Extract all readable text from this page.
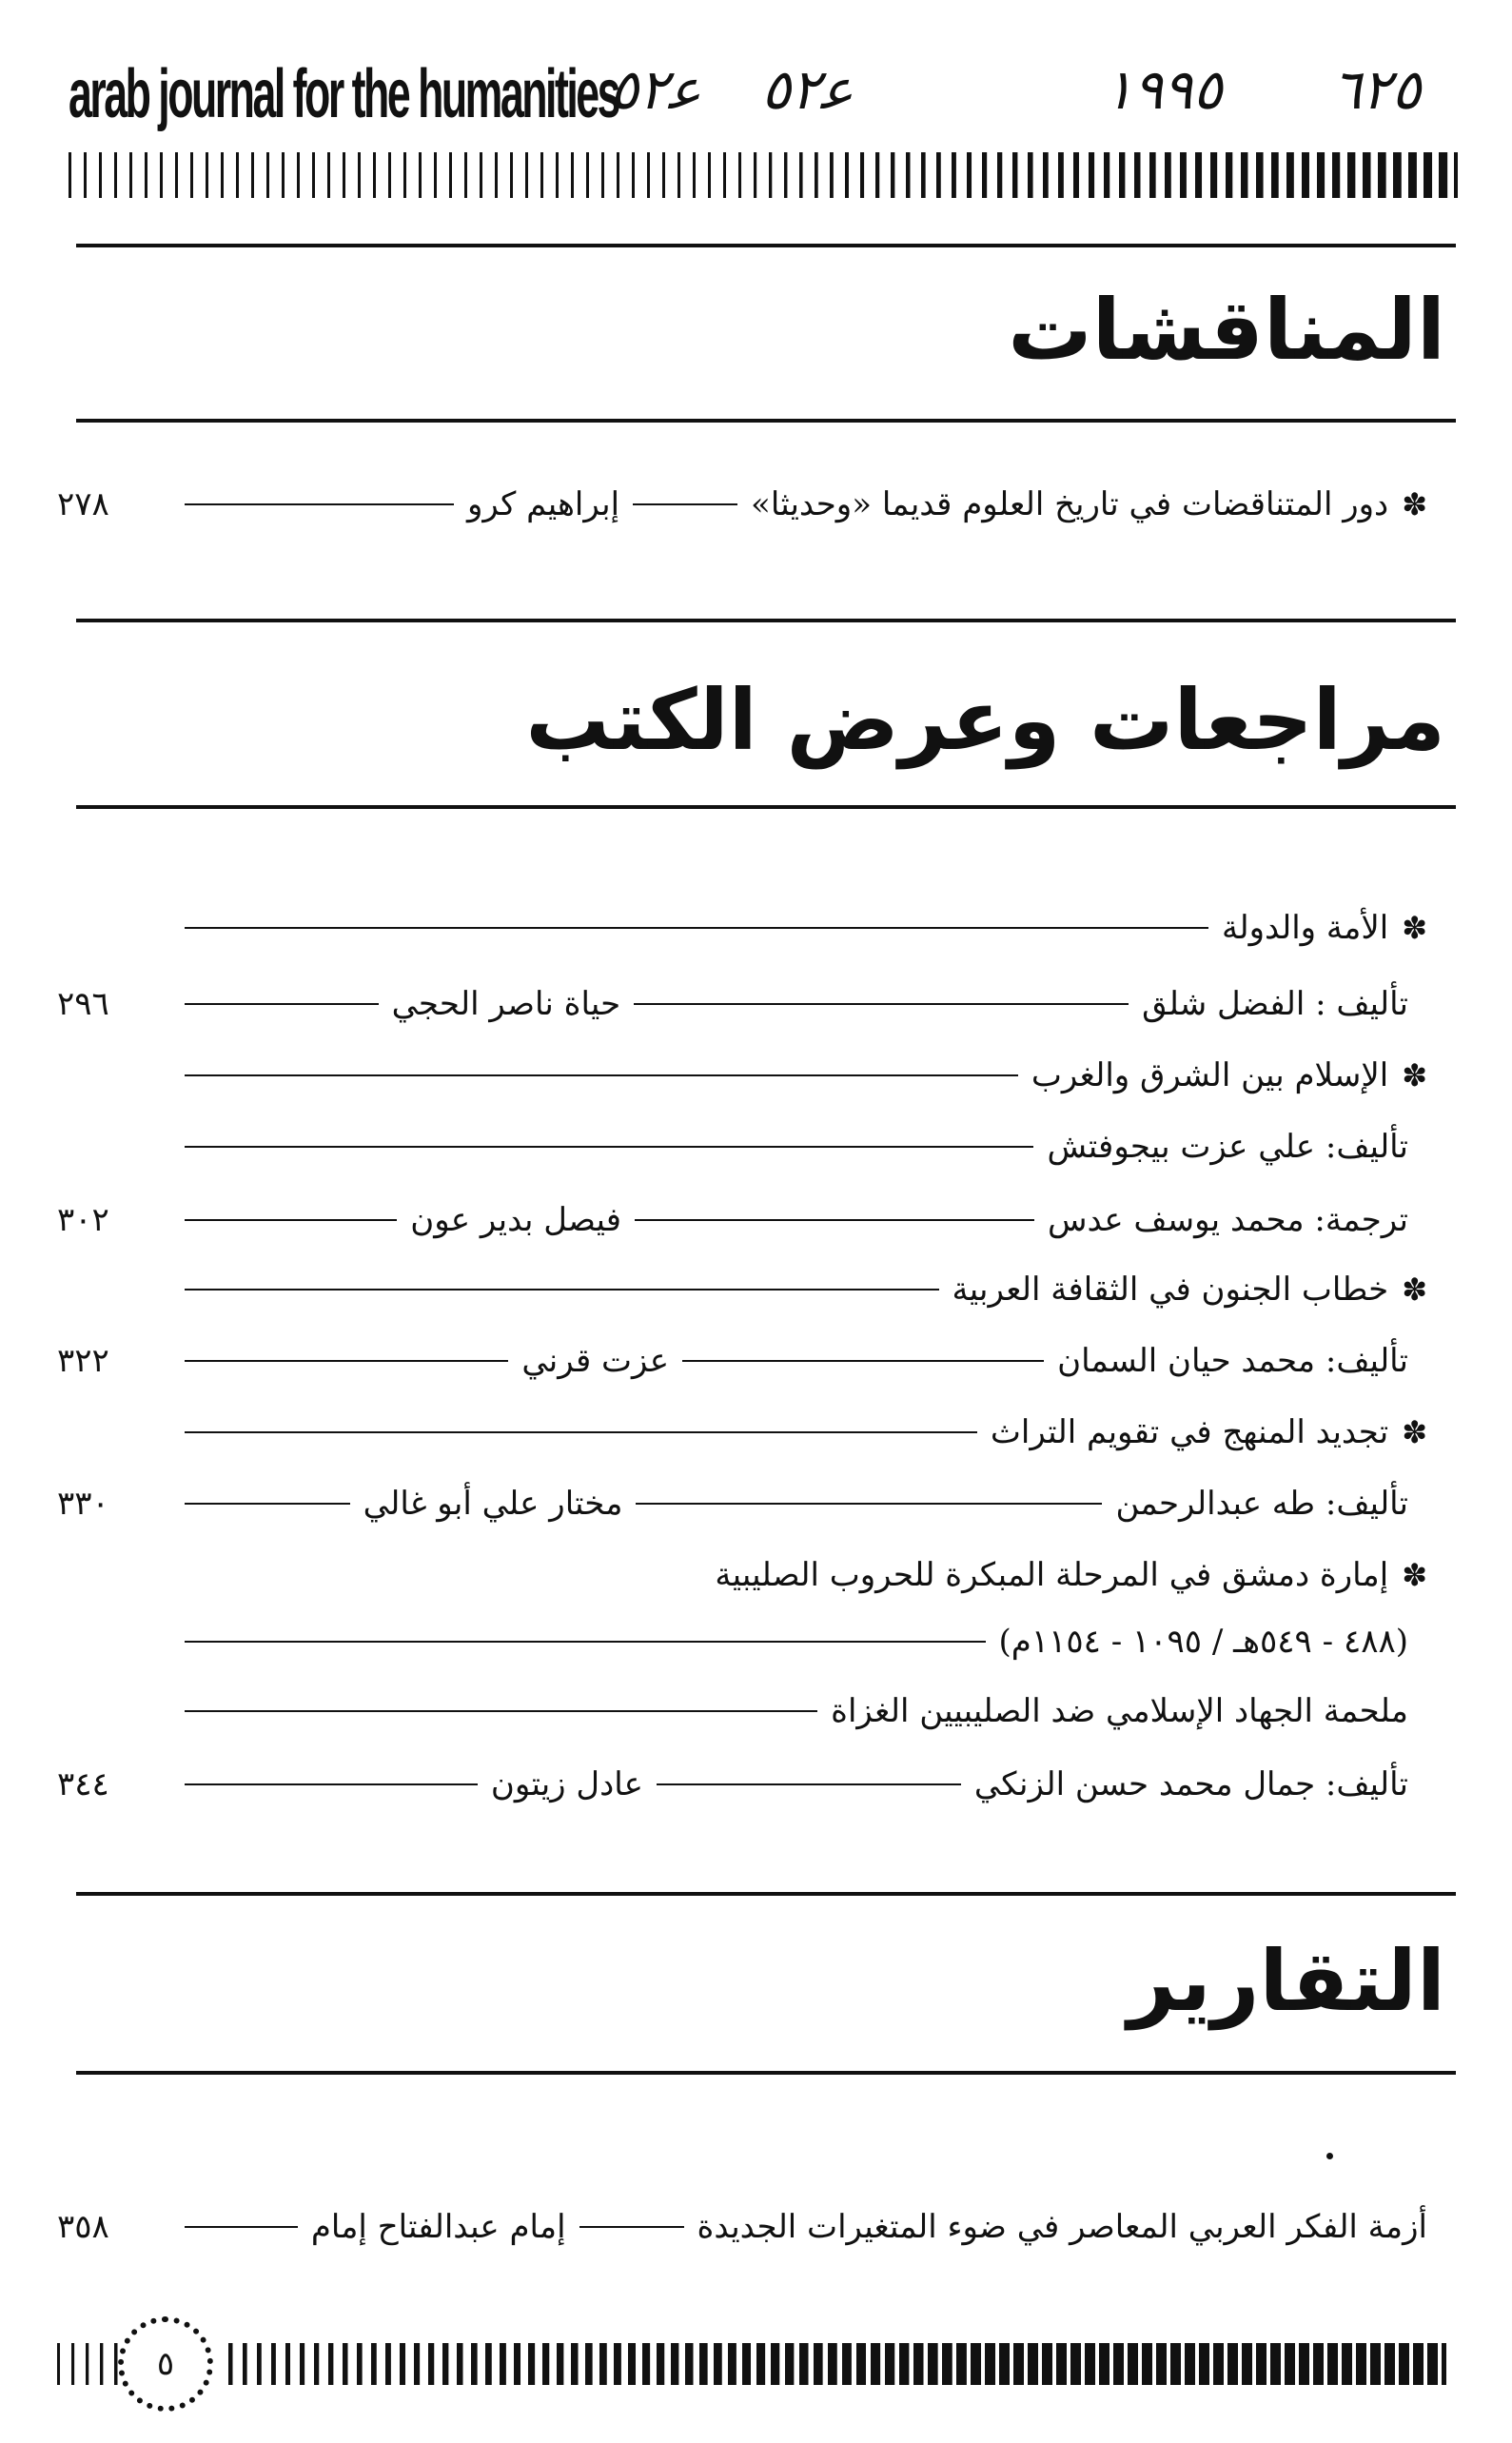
arab journal for the humanities
ﻋ٥٢ ﻋ٥٢	١٩٩٥ ٦٢٥
المناقشات
✽
دور المتناقضات في تاريخ العلوم قديما «وحديثا»
إبراهيم كرو
٢٧٨
مراجعات وعرض الكتب
✽
الأمة والدولة
تأليف : الفضل شلق
حياة ناصر الحجي
٢٩٦
✽
الإسلام بين الشرق والغرب
تأليف: علي عزت بيجوفتش
ترجمة: محمد يوسف عدس
فيصل بدير عون
٣٠٢
✽
خطاب الجنون في الثقافة العربية
تأليف: محمد حيان السمان
عزت قرني
٣٢٢
✽
تجديد المنهج في تقويم التراث
تأليف: طه عبدالرحمن
مختار علي أبو غالي
٣٣٠
✽
إمارة دمشق في المرحلة المبكرة للحروب الصليبية
(٤٨٨ - ٥٤٩هـ / ١٠٩٥ - ١١٥٤م)
ملحمة الجهاد الإسلامي ضد الصليبيين الغزاة
تأليف: جمال محمد حسن الزنكي
عادل زيتون
٣٤٤
التقارير
أزمة الفكر العربي المعاصر في ضوء المتغيرات الجديدة
إمام عبدالفتاح إمام
٣٥٨
٥
